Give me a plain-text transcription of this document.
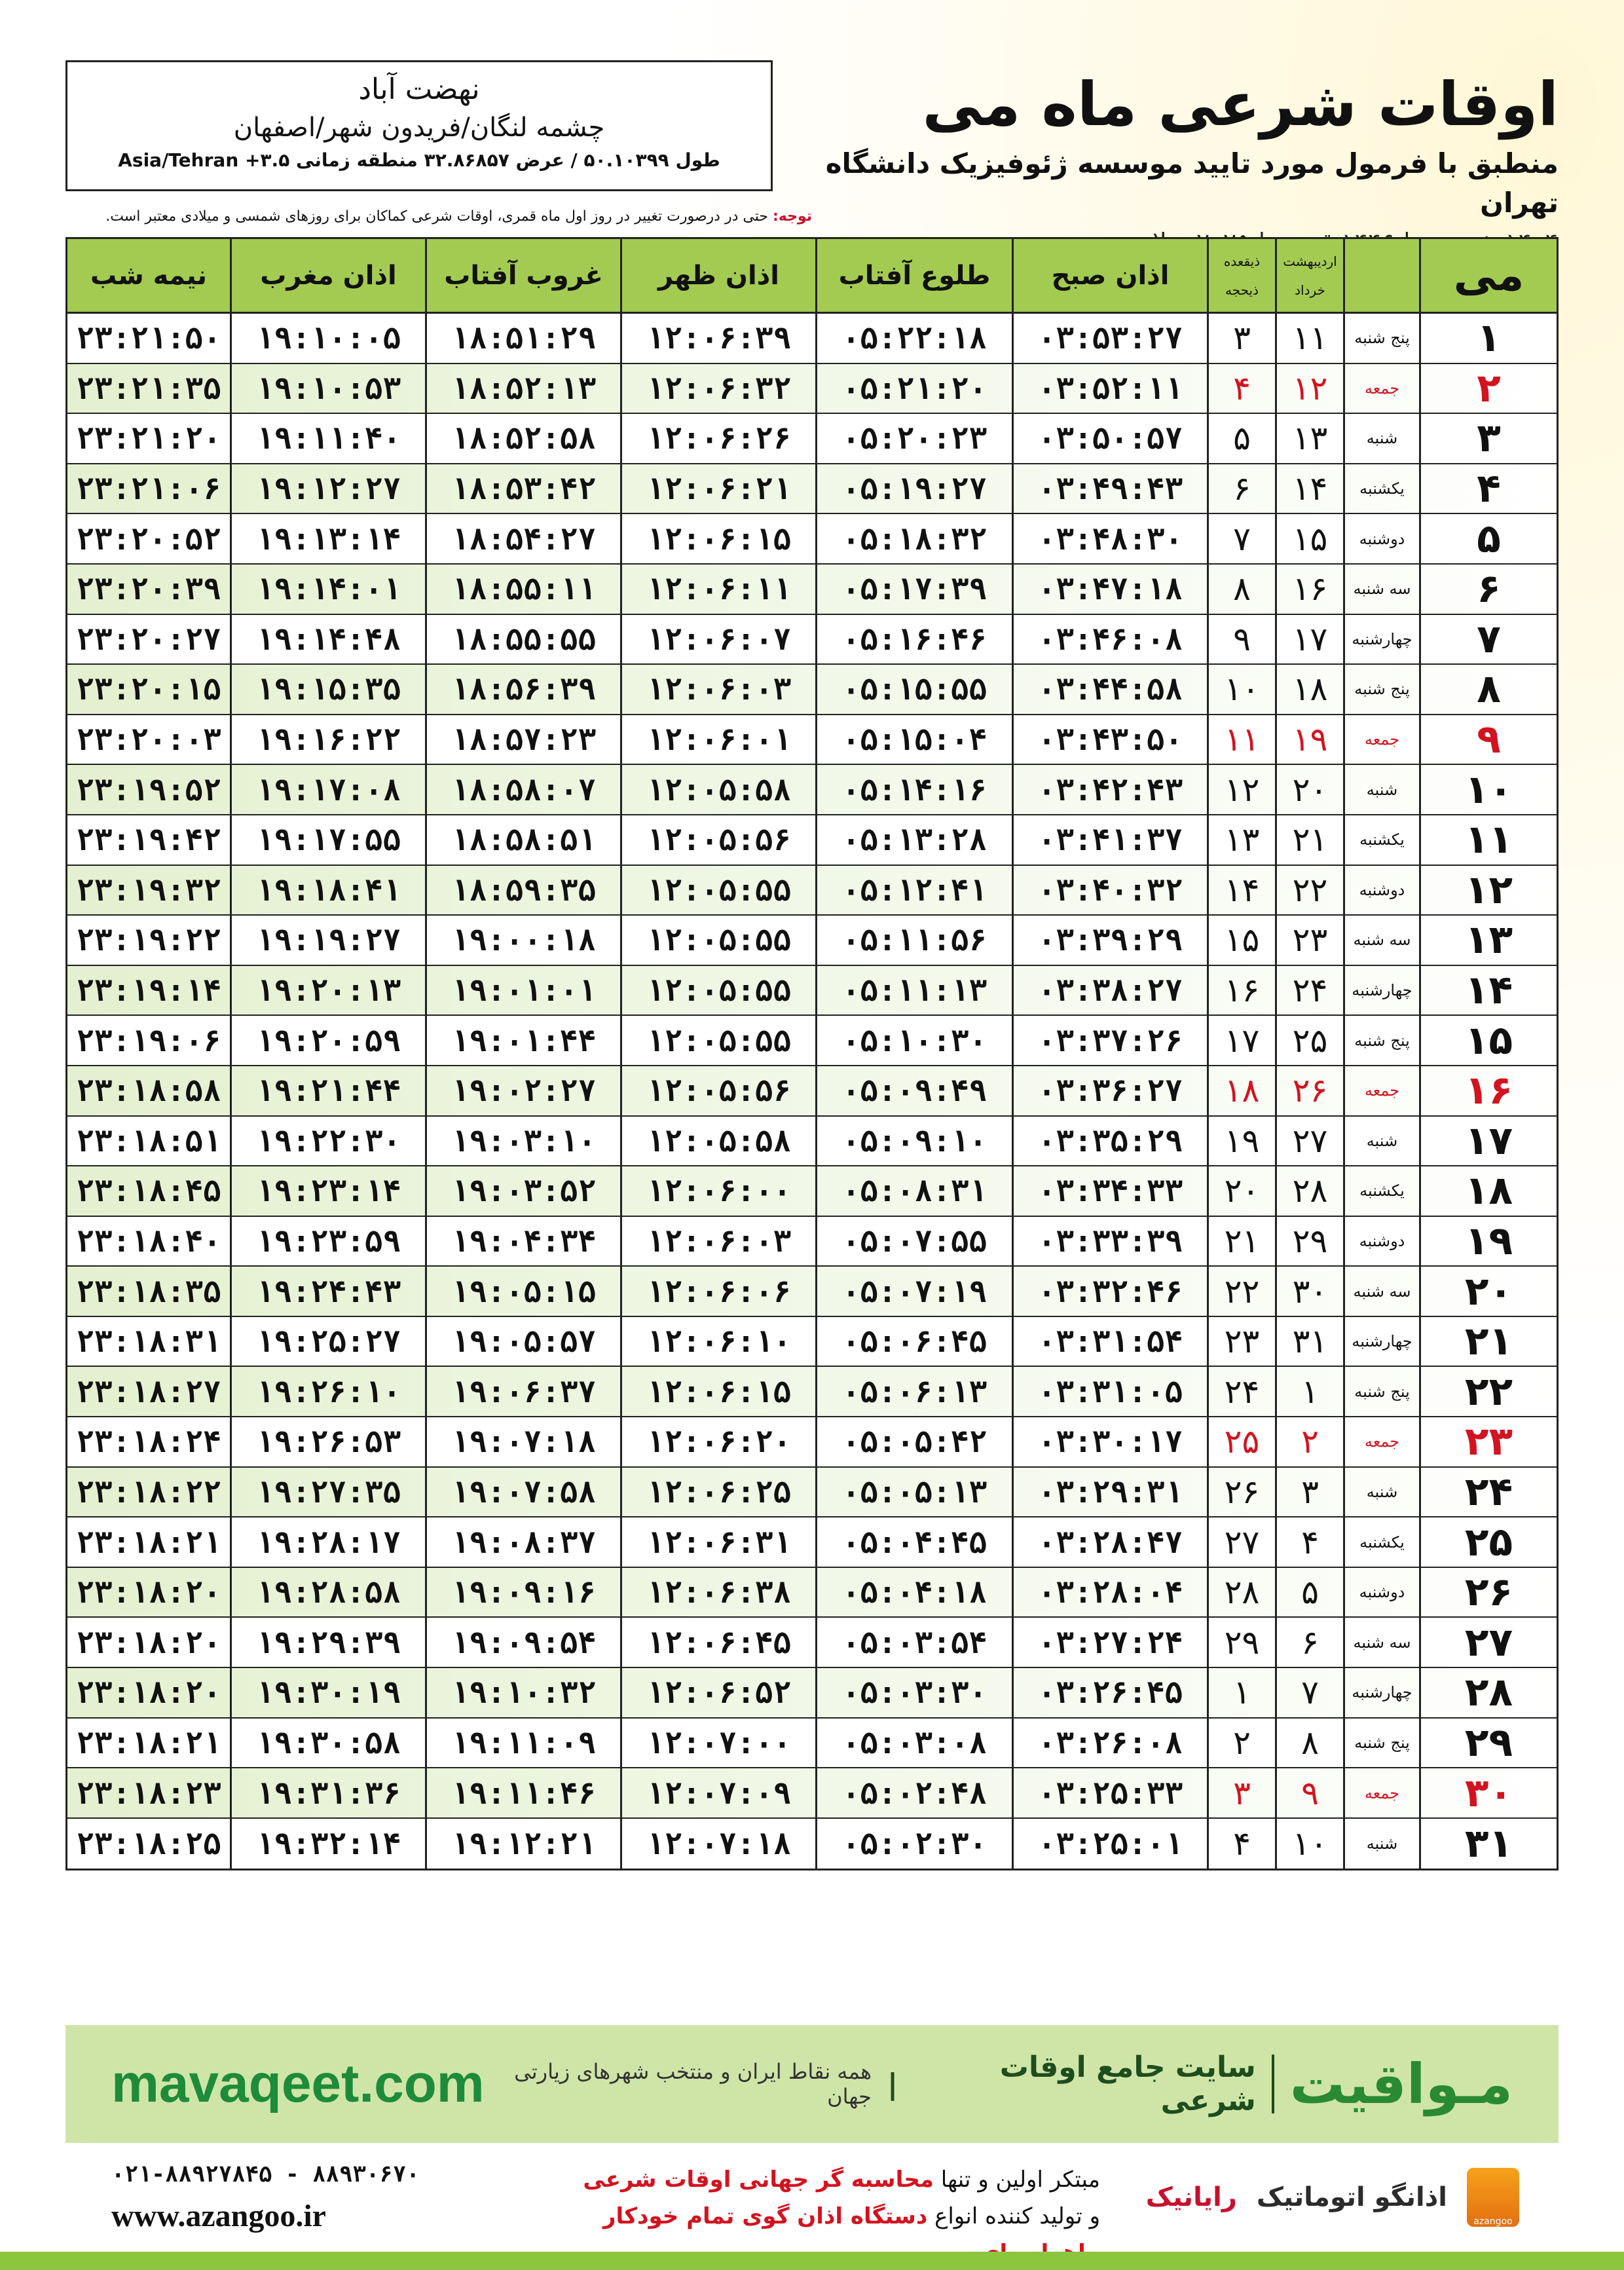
نهضت آباد
چشمه لنگان/فریدون شهر/اصفهان
طول ۵۰.۱۰۳۹۹ / عرض ۳۲.۸۶۸۵۷ منطقه زمانی ۳.۵+ Asia/Tehran
اوقات شرعی ماه می
منطبق با فرمول مورد تایید موسسه ژئوفیزیک دانشگاه تهران
توجه: حتی در درصورت تغییر در روز اول ماه قمری، اوقات شرعی کماکان برای روزهای شمسی و میلادی معتبر است.
می
اردیبهشت
خرداد
ذیقعده
ذیحجه
اذان صبح
طلوع آفتاب
اذان ظهر
غروب آفتاب
اذان مغرب
نیمه شب
۱
پنج شنبه
۱۱
۳
۰۳:۵۳:۲۷
۰۵:۲۲:۱۸
۱۲:۰۶:۳۹
۱۸:۵۱:۲۹
۱۹:۱۰:۰۵
۲۳:۲۱:۵۰
۲
جمعه
۱۲
۴
۰۳:۵۲:۱۱
۰۵:۲۱:۲۰
۱۲:۰۶:۳۲
۱۸:۵۲:۱۳
۱۹:۱۰:۵۳
۲۳:۲۱:۳۵
۳
شنبه
۱۳
۵
۰۳:۵۰:۵۷
۰۵:۲۰:۲۳
۱۲:۰۶:۲۶
۱۸:۵۲:۵۸
۱۹:۱۱:۴۰
۲۳:۲۱:۲۰
۴
یکشنبه
۱۴
۶
۰۳:۴۹:۴۳
۰۵:۱۹:۲۷
۱۲:۰۶:۲۱
۱۸:۵۳:۴۲
۱۹:۱۲:۲۷
۲۳:۲۱:۰۶
۵
دوشنبه
۱۵
۷
۰۳:۴۸:۳۰
۰۵:۱۸:۳۲
۱۲:۰۶:۱۵
۱۸:۵۴:۲۷
۱۹:۱۳:۱۴
۲۳:۲۰:۵۲
۶
سه شنبه
۱۶
۸
۰۳:۴۷:۱۸
۰۵:۱۷:۳۹
۱۲:۰۶:۱۱
۱۸:۵۵:۱۱
۱۹:۱۴:۰۱
۲۳:۲۰:۳۹
۷
چهارشنبه
۱۷
۹
۰۳:۴۶:۰۸
۰۵:۱۶:۴۶
۱۲:۰۶:۰۷
۱۸:۵۵:۵۵
۱۹:۱۴:۴۸
۲۳:۲۰:۲۷
۸
پنج شنبه
۱۸
۱۰
۰۳:۴۴:۵۸
۰۵:۱۵:۵۵
۱۲:۰۶:۰۳
۱۸:۵۶:۳۹
۱۹:۱۵:۳۵
۲۳:۲۰:۱۵
۹
جمعه
۱۹
۱۱
۰۳:۴۳:۵۰
۰۵:۱۵:۰۴
۱۲:۰۶:۰۱
۱۸:۵۷:۲۳
۱۹:۱۶:۲۲
۲۳:۲۰:۰۳
۱۰
شنبه
۲۰
۱۲
۰۳:۴۲:۴۳
۰۵:۱۴:۱۶
۱۲:۰۵:۵۸
۱۸:۵۸:۰۷
۱۹:۱۷:۰۸
۲۳:۱۹:۵۲
۱۱
یکشنبه
۲۱
۱۳
۰۳:۴۱:۳۷
۰۵:۱۳:۲۸
۱۲:۰۵:۵۶
۱۸:۵۸:۵۱
۱۹:۱۷:۵۵
۲۳:۱۹:۴۲
۱۲
دوشنبه
۲۲
۱۴
۰۳:۴۰:۳۲
۰۵:۱۲:۴۱
۱۲:۰۵:۵۵
۱۸:۵۹:۳۵
۱۹:۱۸:۴۱
۲۳:۱۹:۳۲
۱۳
سه شنبه
۲۳
۱۵
۰۳:۳۹:۲۹
۰۵:۱۱:۵۶
۱۲:۰۵:۵۵
۱۹:۰۰:۱۸
۱۹:۱۹:۲۷
۲۳:۱۹:۲۲
۱۴
چهارشنبه
۲۴
۱۶
۰۳:۳۸:۲۷
۰۵:۱۱:۱۳
۱۲:۰۵:۵۵
۱۹:۰۱:۰۱
۱۹:۲۰:۱۳
۲۳:۱۹:۱۴
۱۵
پنج شنبه
۲۵
۱۷
۰۳:۳۷:۲۶
۰۵:۱۰:۳۰
۱۲:۰۵:۵۵
۱۹:۰۱:۴۴
۱۹:۲۰:۵۹
۲۳:۱۹:۰۶
۱۶
جمعه
۲۶
۱۸
۰۳:۳۶:۲۷
۰۵:۰۹:۴۹
۱۲:۰۵:۵۶
۱۹:۰۲:۲۷
۱۹:۲۱:۴۴
۲۳:۱۸:۵۸
۱۷
شنبه
۲۷
۱۹
۰۳:۳۵:۲۹
۰۵:۰۹:۱۰
۱۲:۰۵:۵۸
۱۹:۰۳:۱۰
۱۹:۲۲:۳۰
۲۳:۱۸:۵۱
۱۸
یکشنبه
۲۸
۲۰
۰۳:۳۴:۳۳
۰۵:۰۸:۳۱
۱۲:۰۶:۰۰
۱۹:۰۳:۵۲
۱۹:۲۳:۱۴
۲۳:۱۸:۴۵
۱۹
دوشنبه
۲۹
۲۱
۰۳:۳۳:۳۹
۰۵:۰۷:۵۵
۱۲:۰۶:۰۳
۱۹:۰۴:۳۴
۱۹:۲۳:۵۹
۲۳:۱۸:۴۰
۲۰
سه شنبه
۳۰
۲۲
۰۳:۳۲:۴۶
۰۵:۰۷:۱۹
۱۲:۰۶:۰۶
۱۹:۰۵:۱۵
۱۹:۲۴:۴۳
۲۳:۱۸:۳۵
۲۱
چهارشنبه
۳۱
۲۳
۰۳:۳۱:۵۴
۰۵:۰۶:۴۵
۱۲:۰۶:۱۰
۱۹:۰۵:۵۷
۱۹:۲۵:۲۷
۲۳:۱۸:۳۱
۲۲
پنج شنبه
۱
۲۴
۰۳:۳۱:۰۵
۰۵:۰۶:۱۳
۱۲:۰۶:۱۵
۱۹:۰۶:۳۷
۱۹:۲۶:۱۰
۲۳:۱۸:۲۷
۲۳
جمعه
۲
۲۵
۰۳:۳۰:۱۷
۰۵:۰۵:۴۲
۱۲:۰۶:۲۰
۱۹:۰۷:۱۸
۱۹:۲۶:۵۳
۲۳:۱۸:۲۴
۲۴
شنبه
۳
۲۶
۰۳:۲۹:۳۱
۰۵:۰۵:۱۳
۱۲:۰۶:۲۵
۱۹:۰۷:۵۸
۱۹:۲۷:۳۵
۲۳:۱۸:۲۲
۲۵
یکشنبه
۴
۲۷
۰۳:۲۸:۴۷
۰۵:۰۴:۴۵
۱۲:۰۶:۳۱
۱۹:۰۸:۳۷
۱۹:۲۸:۱۷
۲۳:۱۸:۲۱
۲۶
دوشنبه
۵
۲۸
۰۳:۲۸:۰۴
۰۵:۰۴:۱۸
۱۲:۰۶:۳۸
۱۹:۰۹:۱۶
۱۹:۲۸:۵۸
۲۳:۱۸:۲۰
۲۷
سه شنبه
۶
۲۹
۰۳:۲۷:۲۴
۰۵:۰۳:۵۴
۱۲:۰۶:۴۵
۱۹:۰۹:۵۴
۱۹:۲۹:۳۹
۲۳:۱۸:۲۰
۲۸
چهارشنبه
۷
۱
۰۳:۲۶:۴۵
۰۵:۰۳:۳۰
۱۲:۰۶:۵۲
۱۹:۱۰:۳۲
۱۹:۳۰:۱۹
۲۳:۱۸:۲۰
۲۹
پنج شنبه
۸
۲
۰۳:۲۶:۰۸
۰۵:۰۳:۰۸
۱۲:۰۷:۰۰
۱۹:۱۱:۰۹
۱۹:۳۰:۵۸
۲۳:۱۸:۲۱
۳۰
جمعه
۹
۳
۰۳:۲۵:۳۳
۰۵:۰۲:۴۸
۱۲:۰۷:۰۹
۱۹:۱۱:۴۶
۱۹:۳۱:۳۶
۲۳:۱۸:۲۳
۳۱
شنبه
۱۰
۴
۰۳:۲۵:۰۱
۰۵:۰۲:۳۰
۱۲:۰۷:۱۸
۱۹:۱۲:۲۱
۱۹:۳۲:۱۴
۲۳:۱۸:۲۵
mavaqeet.com	مـواقیت
سایت جامع اوقات شرعی
|
همه نقاط ایران و منتخب شهرهای زیارتی جهان
۰۲۱-۸۸۹۲۷۸۴۵ - ۸۸۹۳۰۶۷۰
www.azangoo.ir
مبتکر اولین و تنها محاسبه گر جهانی اوقات شرعی
و تولید کننده انواع دستگاه اذان گوی تمام خودکار	azangoo
اذانگو اتوماتیک
رایانیک
